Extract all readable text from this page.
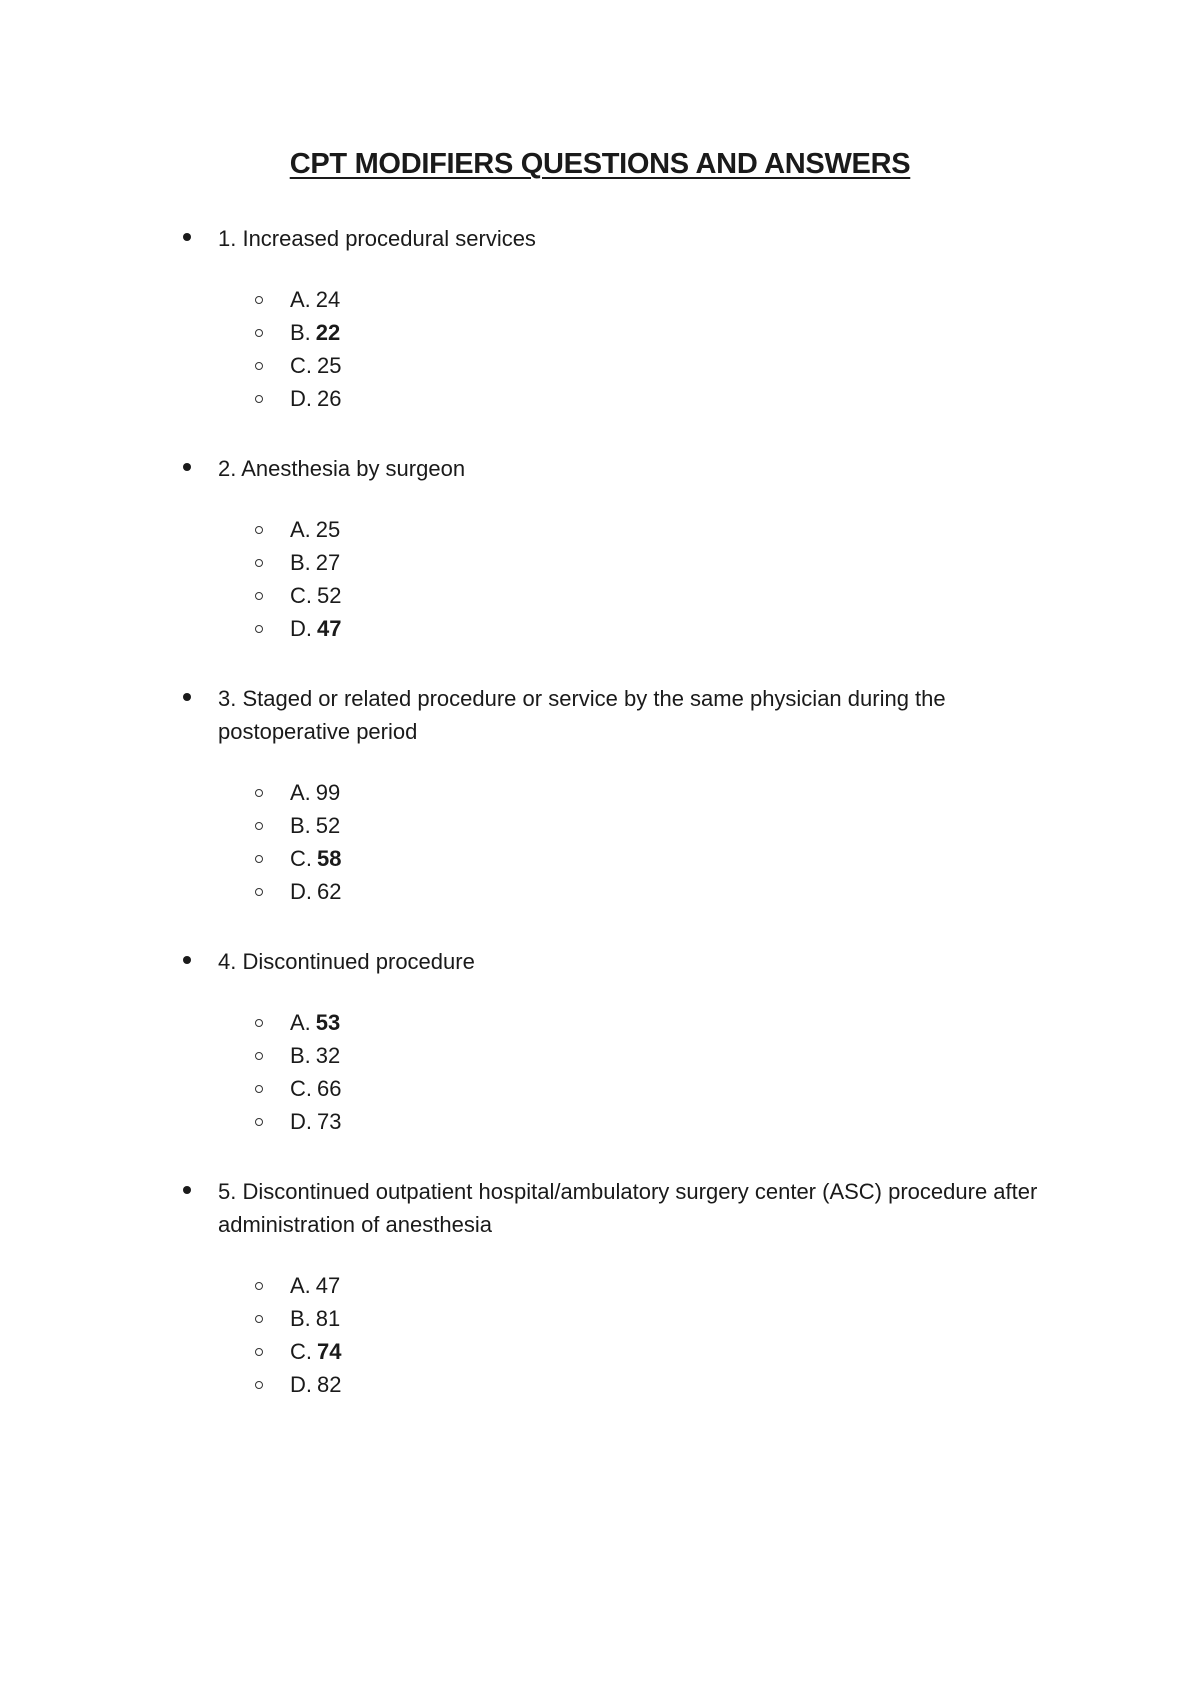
CPT MODIFIERS QUESTIONS AND ANSWERS
1. Increased procedural services
A. 24
B. 22
C. 25
D. 26
2. Anesthesia by surgeon
A. 25
B. 27
C. 52
D. 47
3. Staged or related procedure or service by the same physician during the postoperative period
A. 99
B. 52
C. 58
D. 62
4. Discontinued procedure
A. 53
B. 32
C. 66
D. 73
5. Discontinued outpatient hospital/ambulatory surgery center (ASC) procedure after administration of anesthesia
A. 47
B. 81
C. 74
D. 82
